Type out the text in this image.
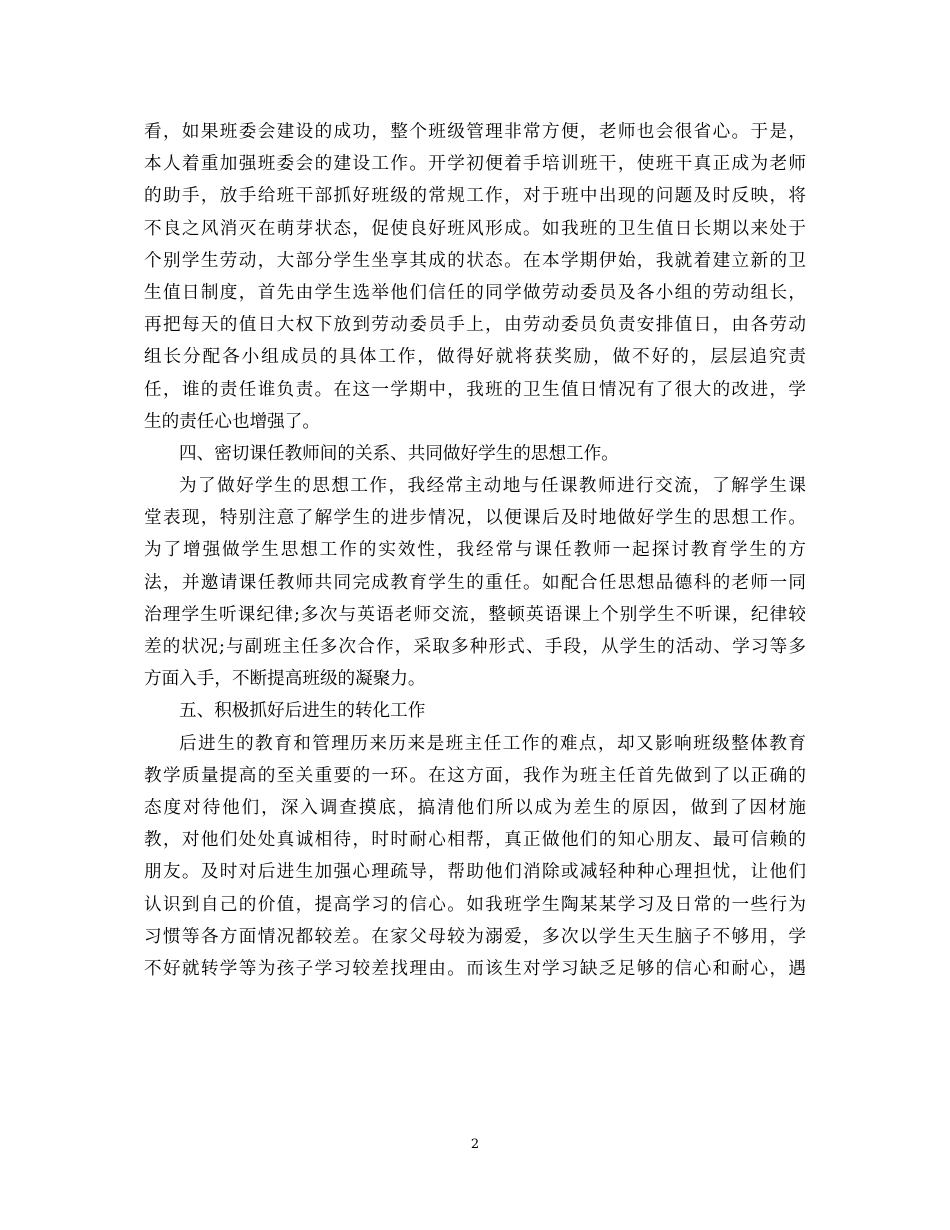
看，如果班委会建设的成功，整个班级管理非常方便，老师也会很省心。于是，
本人着重加强班委会的建设工作。开学初便着手培训班干，使班干真正成为老师
的助手，放手给班干部抓好班级的常规工作，对于班中出现的问题及时反映，将
不良之风消灭在萌芽状态，促使良好班风形成。如我班的卫生值日长期以来处于
个别学生劳动，大部分学生坐享其成的状态。在本学期伊始，我就着建立新的卫
生值日制度，首先由学生选举他们信任的同学做劳动委员及各小组的劳动组长，
再把每天的值日大权下放到劳动委员手上，由劳动委员负责安排值日，由各劳动
组长分配各小组成员的具体工作，做得好就将获奖励，做不好的，层层追究责
任，谁的责任谁负责。在这一学期中，我班的卫生值日情况有了很大的改进，学
生的责任心也增强了。
四、密切课任教师间的关系、共同做好学生的思想工作。
为了做好学生的思想工作，我经常主动地与任课教师进行交流，了解学生课
堂表现，特别注意了解学生的进步情况，以便课后及时地做好学生的思想工作。
为了增强做学生思想工作的实效性，我经常与课任教师一起探讨教育学生的方
法，并邀请课任教师共同完成教育学生的重任。如配合任思想品德科的老师一同
治理学生听课纪律;多次与英语老师交流，整顿英语课上个别学生不听课，纪律较
差的状况;与副班主任多次合作，采取多种形式、手段，从学生的活动、学习等多
方面入手，不断提高班级的凝聚力。
五、积极抓好后进生的转化工作
后进生的教育和管理历来历来是班主任工作的难点，却又影响班级整体教育
教学质量提高的至关重要的一环。在这方面，我作为班主任首先做到了以正确的
态度对待他们，深入调查摸底，搞清他们所以成为差生的原因，做到了因材施
教，对他们处处真诚相待，时时耐心相帮，真正做他们的知心朋友、最可信赖的
朋友。及时对后进生加强心理疏导，帮助他们消除或减轻种种心理担忧，让他们
认识到自己的价值，提高学习的信心。如我班学生陶某某学习及日常的一些行为
习惯等各方面情况都较差。在家父母较为溺爱，多次以学生天生脑子不够用，学
不好就转学等为孩子学习较差找理由。而该生对学习缺乏足够的信心和耐心，遇
2
